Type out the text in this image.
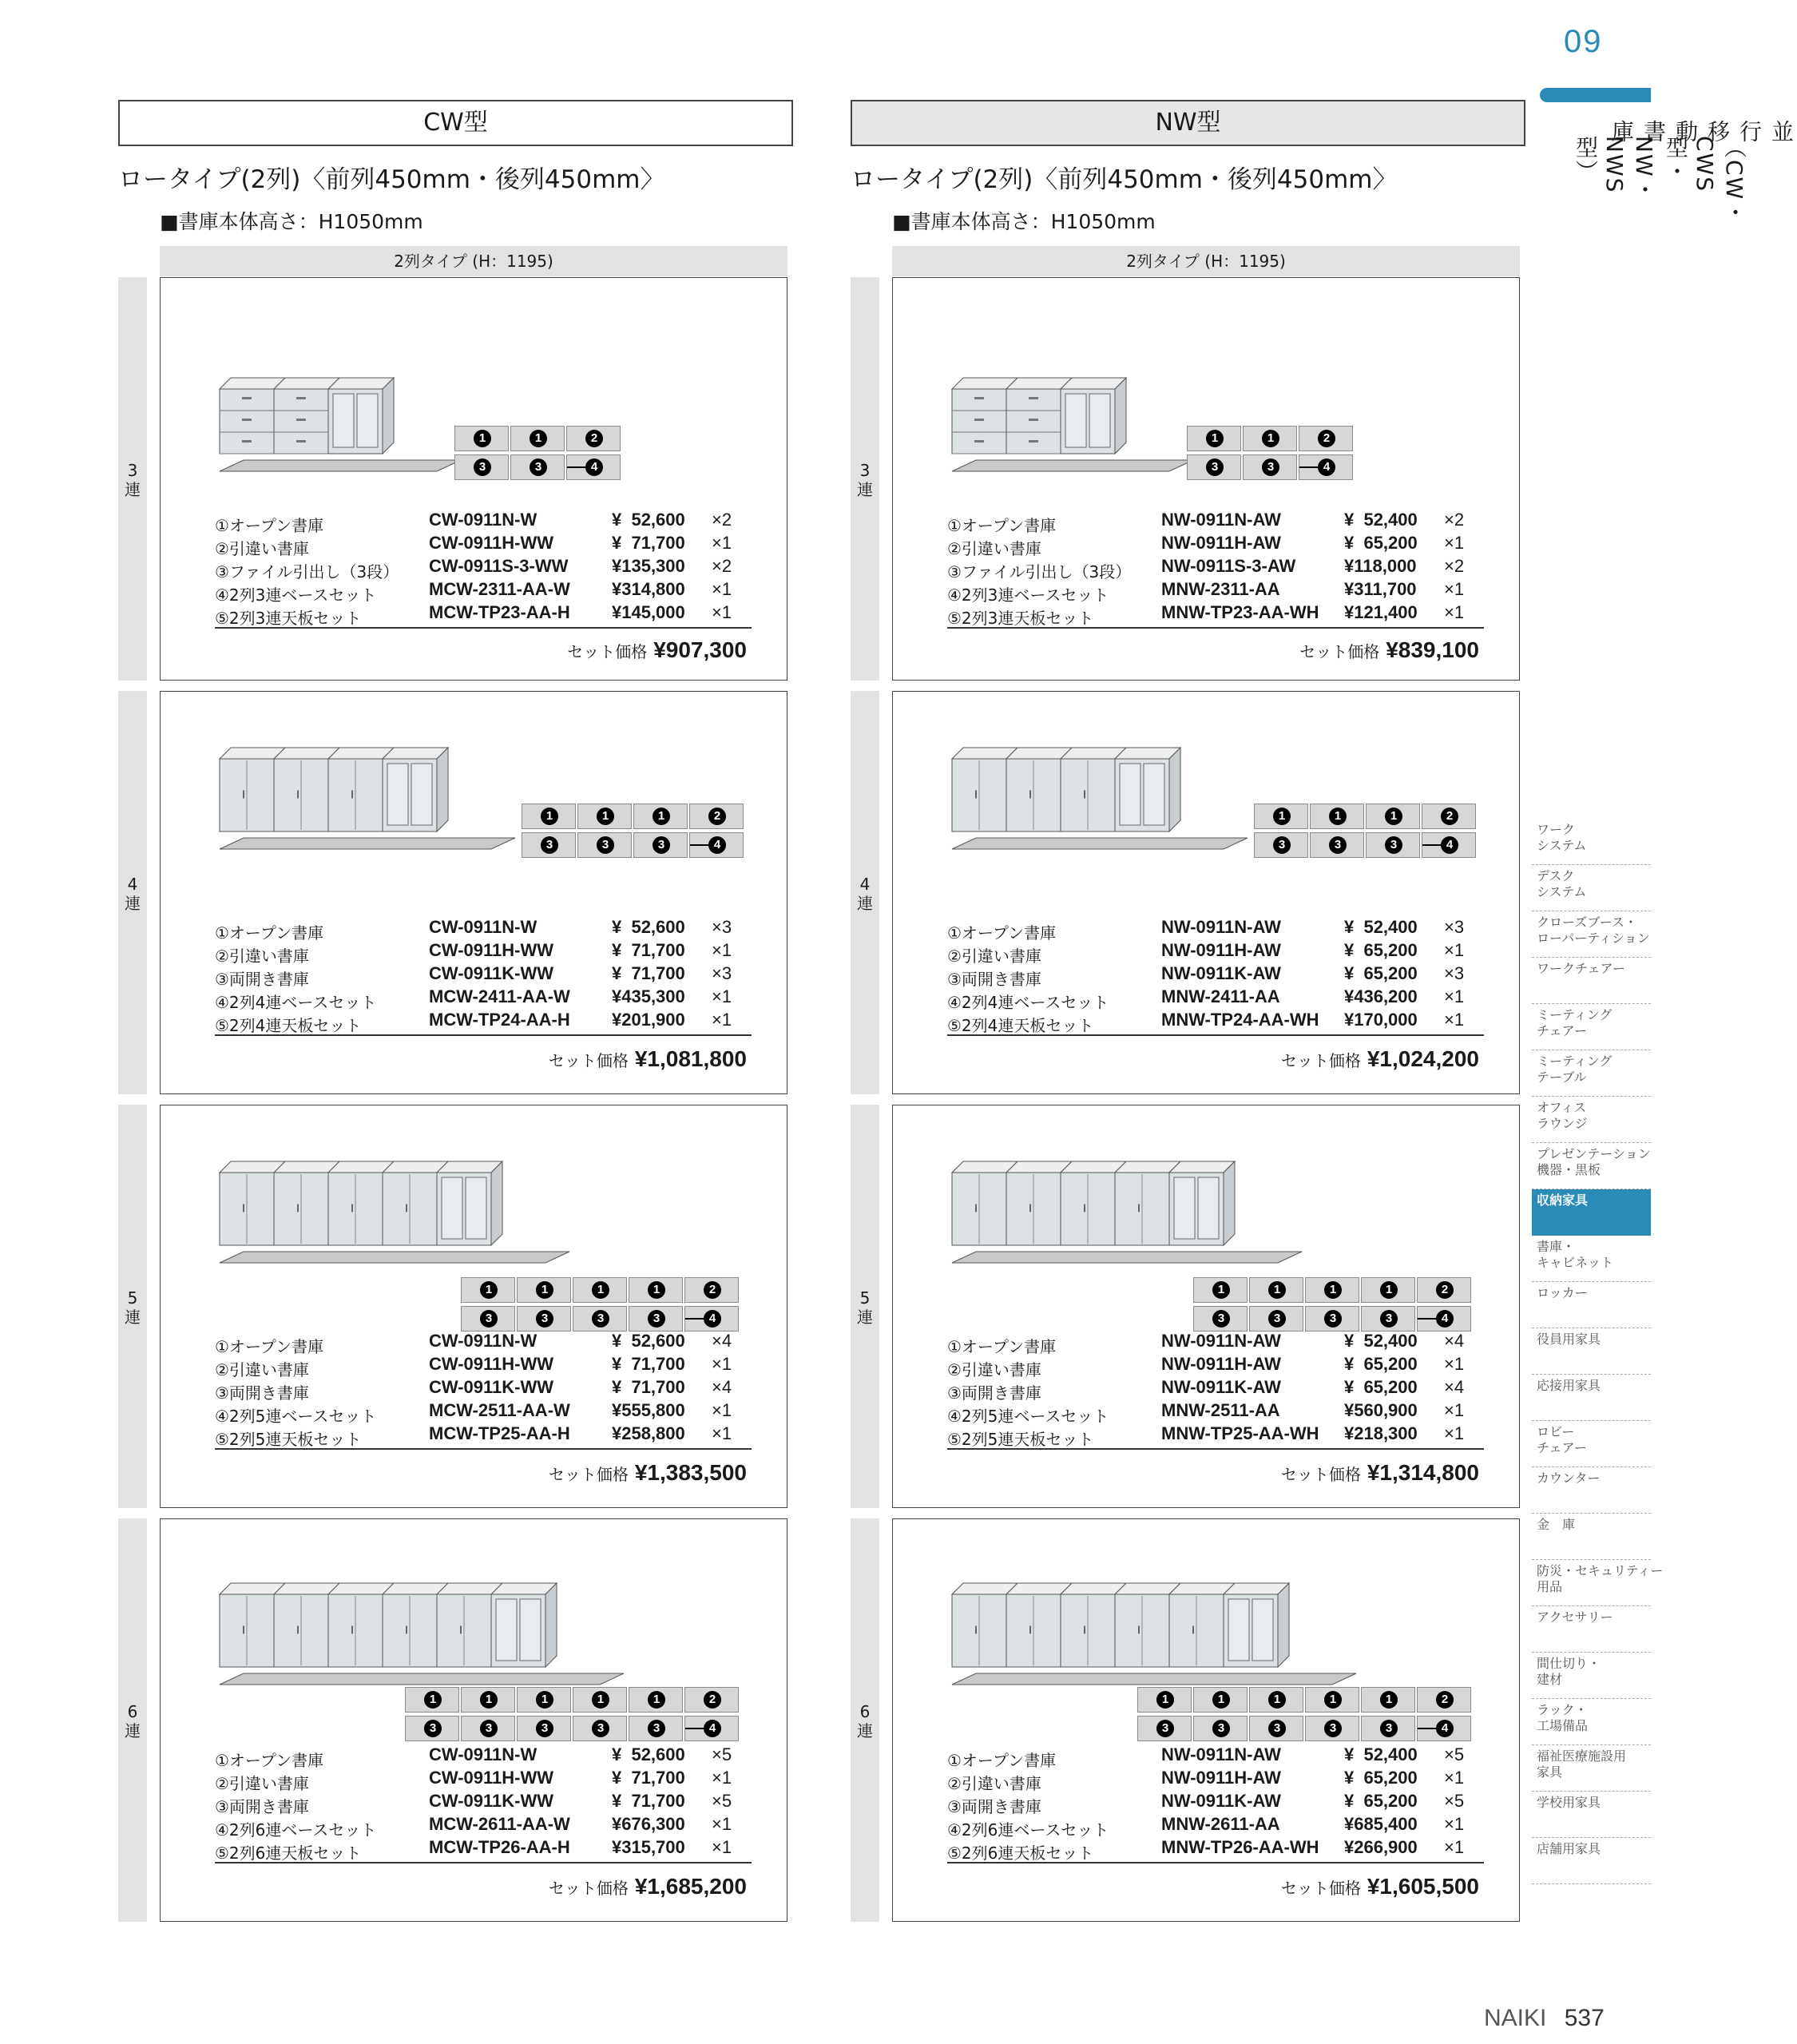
09
並行移動書庫
（CW・CWS型・NW・NWS型）
CW型
ロータイプ(2列)〈前列450mm・後列450mm〉
■書庫本体高さ：H1050mm
2列タイプ (H：1195)
3
連
1	1	2
3	3	4
①オープン書庫	CW-0911N-W	¥  52,600 ×2
②引違い書庫	CW-0911H-WW	¥  71,700 ×1
③ファイル引出し（3段） CW-0911S-3-WW ¥135,300 ×2
④2列3連ベースセット	MCW-2311-AA-W ¥314,800 ×1
⑤2列3連天板セット	MCW-TP23-AA-H ¥145,000 ×1
セット価格 ¥907,300
4
連
1	1	1	2
3	3	3	4
①オープン書庫	CW-0911N-W	¥  52,600 ×3
②引違い書庫	CW-0911H-WW	¥  71,700 ×1
③両開き書庫	CW-0911K-WW	¥  71,700 ×3
④2列4連ベースセット	MCW-2411-AA-W ¥435,300 ×1
⑤2列4連天板セット	MCW-TP24-AA-H ¥201,900 ×1
セット価格 ¥1,081,800
5
連
1	1	1	1	2
3	3	3	3	4
①オープン書庫	CW-0911N-W	¥  52,600 ×4
②引違い書庫	CW-0911H-WW	¥  71,700 ×1
③両開き書庫	CW-0911K-WW	¥  71,700 ×4
④2列5連ベースセット	MCW-2511-AA-W ¥555,800 ×1
⑤2列5連天板セット	MCW-TP25-AA-H ¥258,800 ×1
セット価格 ¥1,383,500
6
連
1	1	1	1	1	2
3	3	3	3	3	4
①オープン書庫	CW-0911N-W	¥  52,600 ×5
②引違い書庫	CW-0911H-WW	¥  71,700 ×1
③両開き書庫	CW-0911K-WW	¥  71,700 ×5
④2列6連ベースセット	MCW-2611-AA-W ¥676,300 ×1
⑤2列6連天板セット	MCW-TP26-AA-H ¥315,700 ×1
セット価格 ¥1,685,200
NW型
ロータイプ(2列)〈前列450mm・後列450mm〉
■書庫本体高さ：H1050mm
2列タイプ (H：1195)
3
連
1	1	2
3	3	4
①オープン書庫	NW-0911N-AW	¥  52,400 ×2
②引違い書庫	NW-0911H-AW	¥  65,200 ×1
③ファイル引出し（3段） NW-0911S-3-AW	¥118,000 ×2
④2列3連ベースセット	MNW-2311-AA	¥311,700 ×1
⑤2列3連天板セット	MNW-TP23-AA-WH ¥121,400 ×1
セット価格 ¥839,100
4
連
1	1	1	2
3	3	3	4
①オープン書庫	NW-0911N-AW	¥  52,400 ×3
②引違い書庫	NW-0911H-AW	¥  65,200 ×1
③両開き書庫	NW-0911K-AW	¥  65,200 ×3
④2列4連ベースセット	MNW-2411-AA	¥436,200 ×1
⑤2列4連天板セット	MNW-TP24-AA-WH ¥170,000 ×1
セット価格 ¥1,024,200
5
連
1	1	1	1	2
3	3	3	3	4
①オープン書庫	NW-0911N-AW	¥  52,400 ×4
②引違い書庫	NW-0911H-AW	¥  65,200 ×1
③両開き書庫	NW-0911K-AW	¥  65,200 ×4
④2列5連ベースセット	MNW-2511-AA	¥560,900 ×1
⑤2列5連天板セット	MNW-TP25-AA-WH ¥218,300 ×1
セット価格 ¥1,314,800
6
連
1	1	1	1	1	2
3	3	3	3	3	4
①オープン書庫	NW-0911N-AW	¥  52,400 ×5
②引違い書庫	NW-0911H-AW	¥  65,200 ×1
③両開き書庫	NW-0911K-AW	¥  65,200 ×5
④2列6連ベースセット	MNW-2611-AA	¥685,400 ×1
⑤2列6連天板セット	MNW-TP26-AA-WH ¥266,900 ×1
セット価格 ¥1,605,500
ワーク
システム
デスク
システム
クローズブース・
ローパーティション
ワークチェアー
ミーティング
チェアー
ミーティング
テーブル
オフィス
ラウンジ
プレゼンテーション
機器・黒板
収納家具
書庫・
キャビネット
ロッカー
役員用家具
応接用家具
ロビー
チェアー
カウンター
金　庫
防災・セキュリティー
用品
アクセサリー
間仕切り・
建材
ラック・
工場備品
福祉医療施設用
家具
学校用家具
店舗用家具
NAIKI 537
